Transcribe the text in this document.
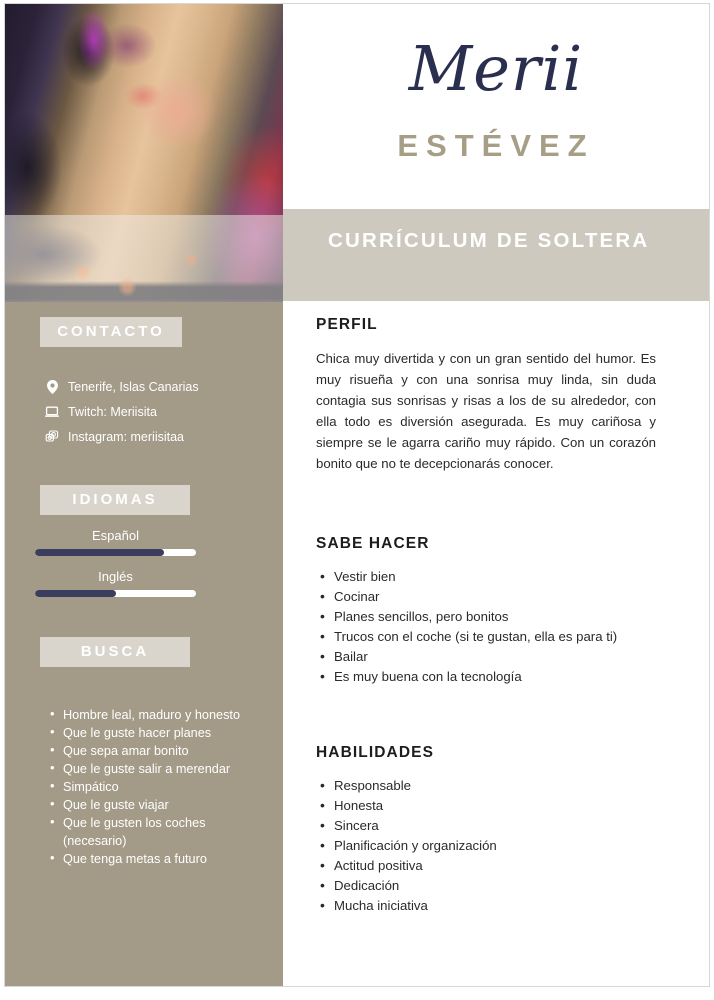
CONTACTO
Tenerife, Islas Canarias
Twitch: Meriisita
Instagram: meriisitaa
IDIOMAS
Español
Inglés
BUSCA
• Hombre leal, maduro y honesto
• Que le guste hacer planes
• Que sepa amar bonito
• Que le guste salir a merendar
• Simpático
• Que le guste viajar
• Que le gusten los coches (necesario)
• Que tenga metas a futuro
Merii
ESTÉVEZ
CURRÍCULUM DE SOLTERA
PERFIL

Chica muy divertida y con un gran sentido del humor. Es muy risueña y con una sonrisa muy linda, sin duda contagia sus sonrisas y risas a los de su alrededor, con ella todo es diversión asegurada. Es muy cariñosa y siempre se le agarra cariño muy rápido. Con un corazón bonito que no te decepcionarás conocer.

SABE HACER
• Vestir bien
• Cocinar
• Planes sencillos, pero bonitos
• Trucos con el coche (si te gustan, ella es para ti)
• Bailar
• Es muy buena con la tecnología
HABILIDADES
• Responsable
• Honesta
• Sincera
• Planificación y organización
• Actitud positiva
• Dedicación
• Mucha iniciativa
